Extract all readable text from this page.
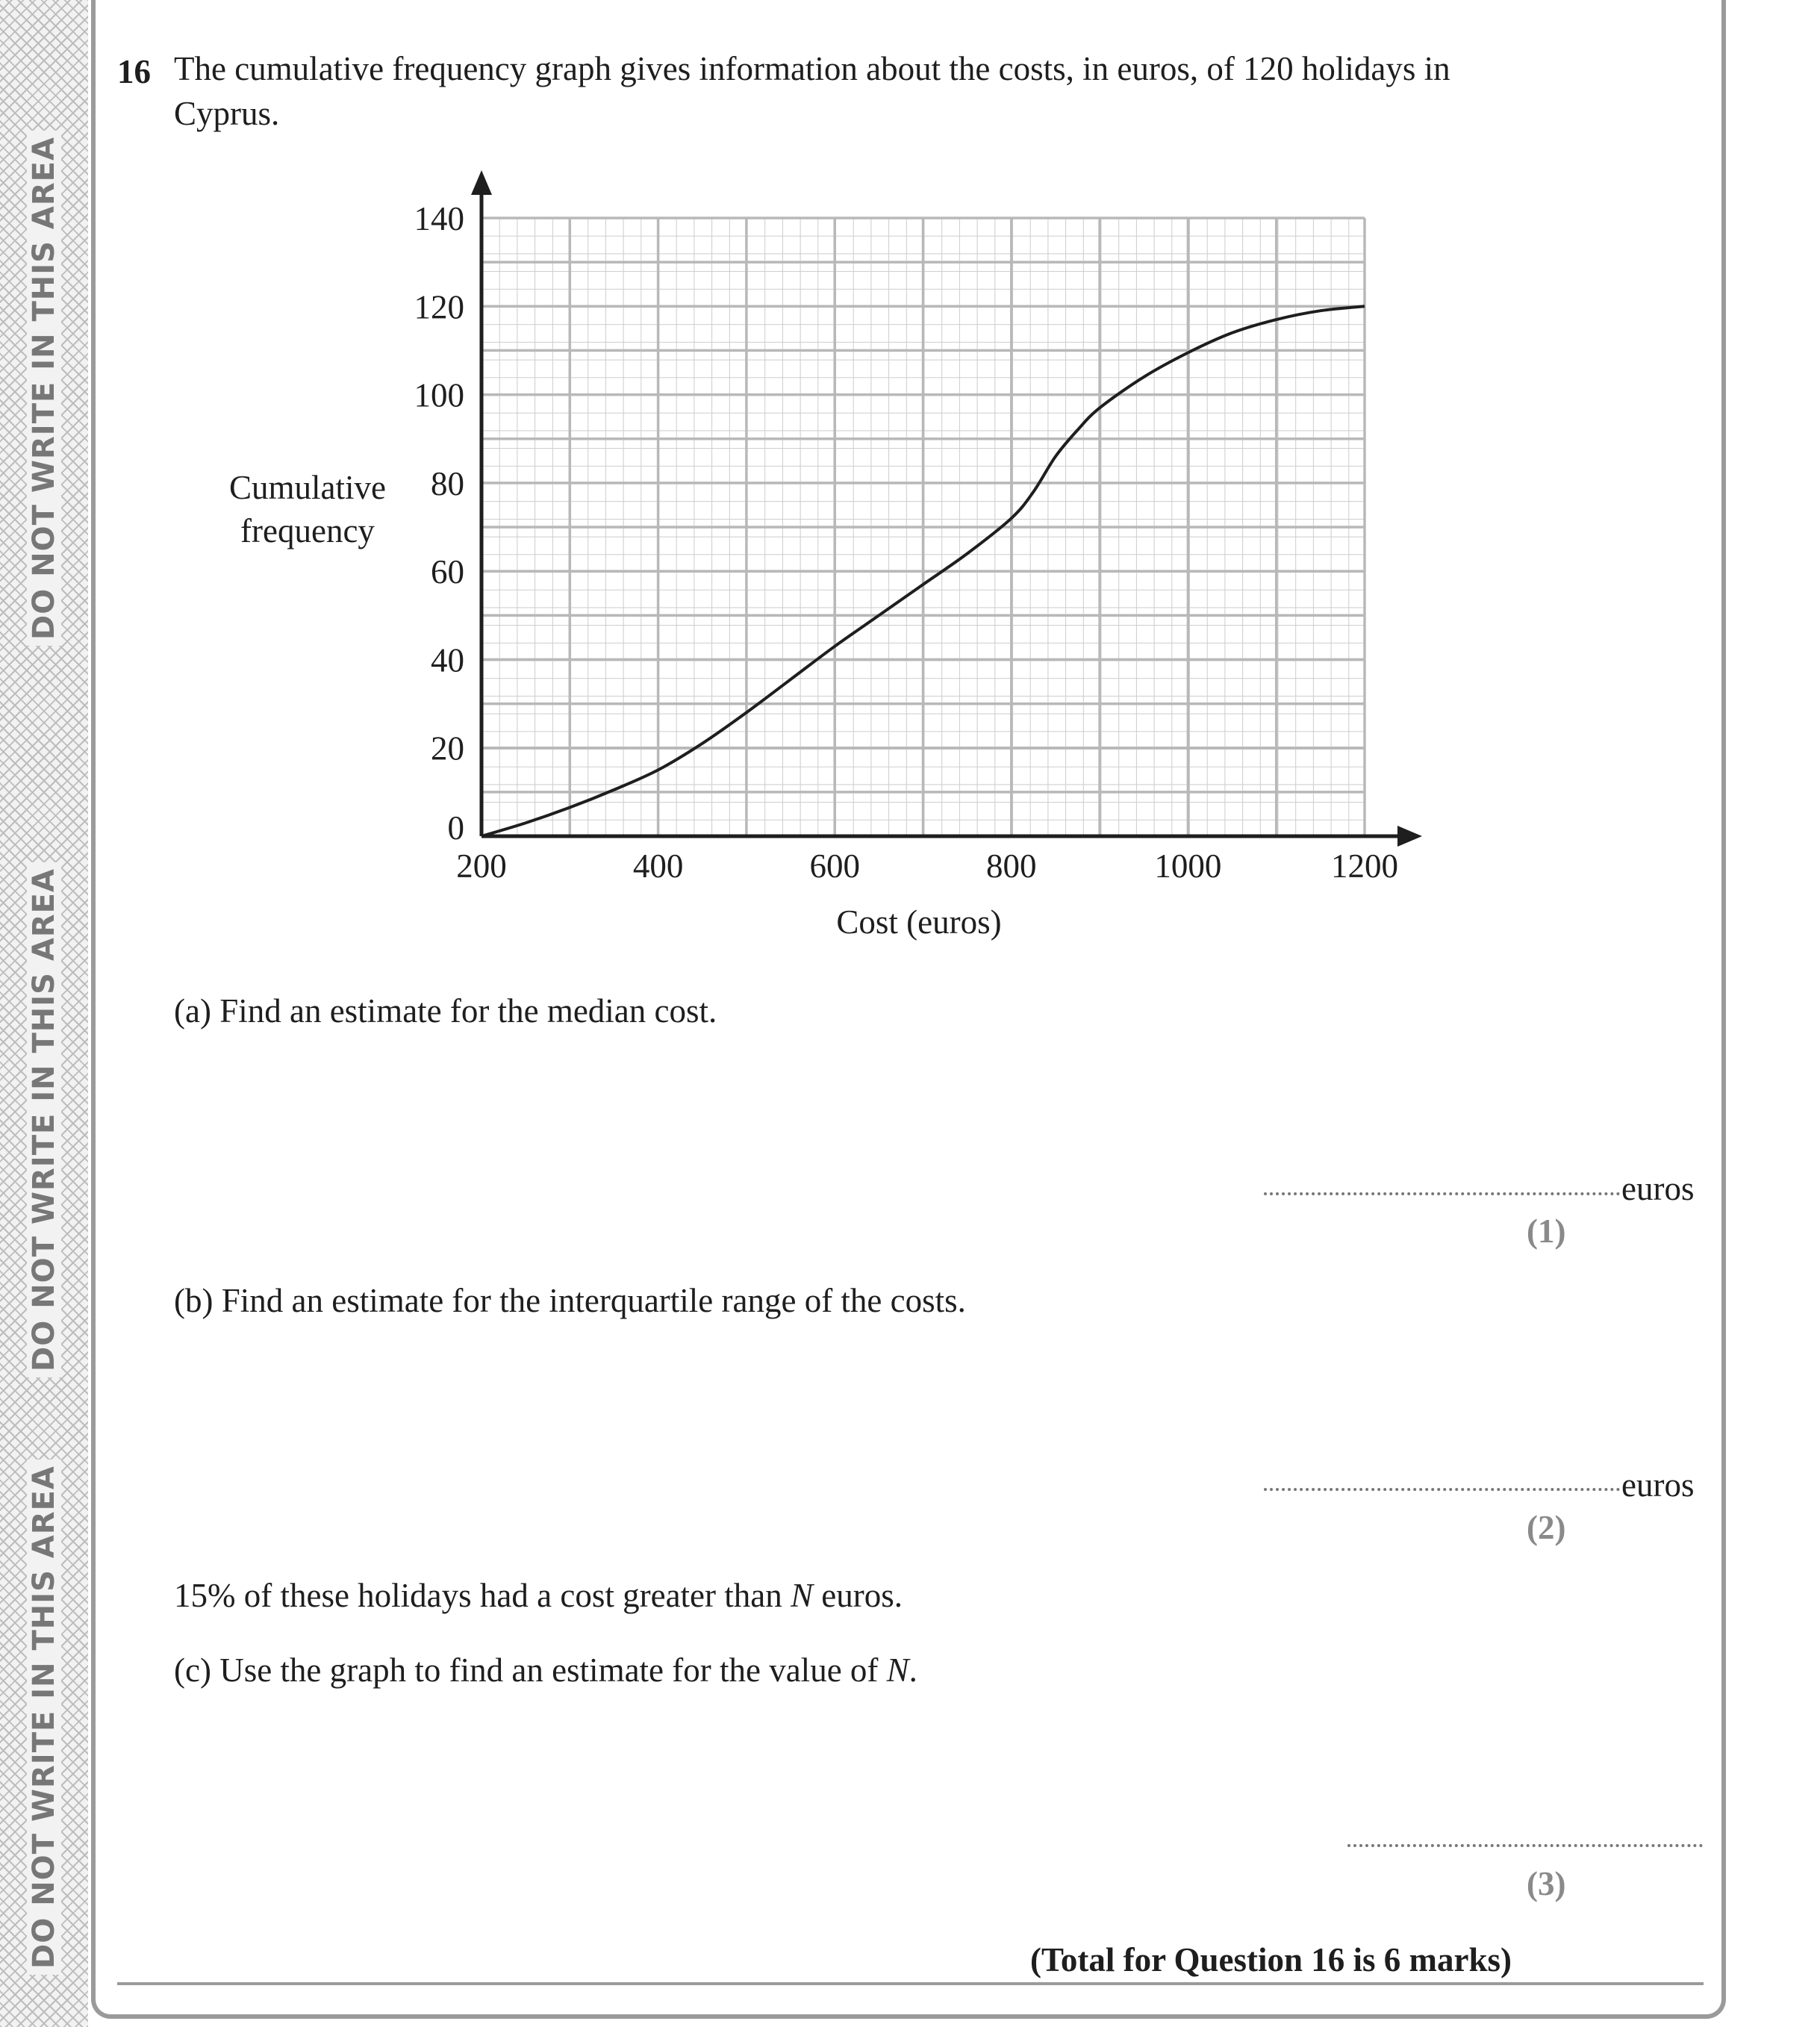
DO NOT WRITE IN THIS AREA
DO NOT WRITE IN THIS AREA
DO NOT WRITE IN THIS AREA
16 The cumulative frequency graph gives information about the costs, in euros, of 120 holidays in
Cyprus.
0
20
40
60
80
100
120
140
200	400	600	800	1000	1200
Cumulative
frequency
Cost (euros)
(a) Find an estimate for the median cost.
euros
(1)
(b) Find an estimate for the interquartile range of the costs.
euros
(2)
15% of these holidays had a cost greater than N euros.
(c) Use the graph to find an estimate for the value of N.
(3)
(Total for Question 16 is 6 marks)
